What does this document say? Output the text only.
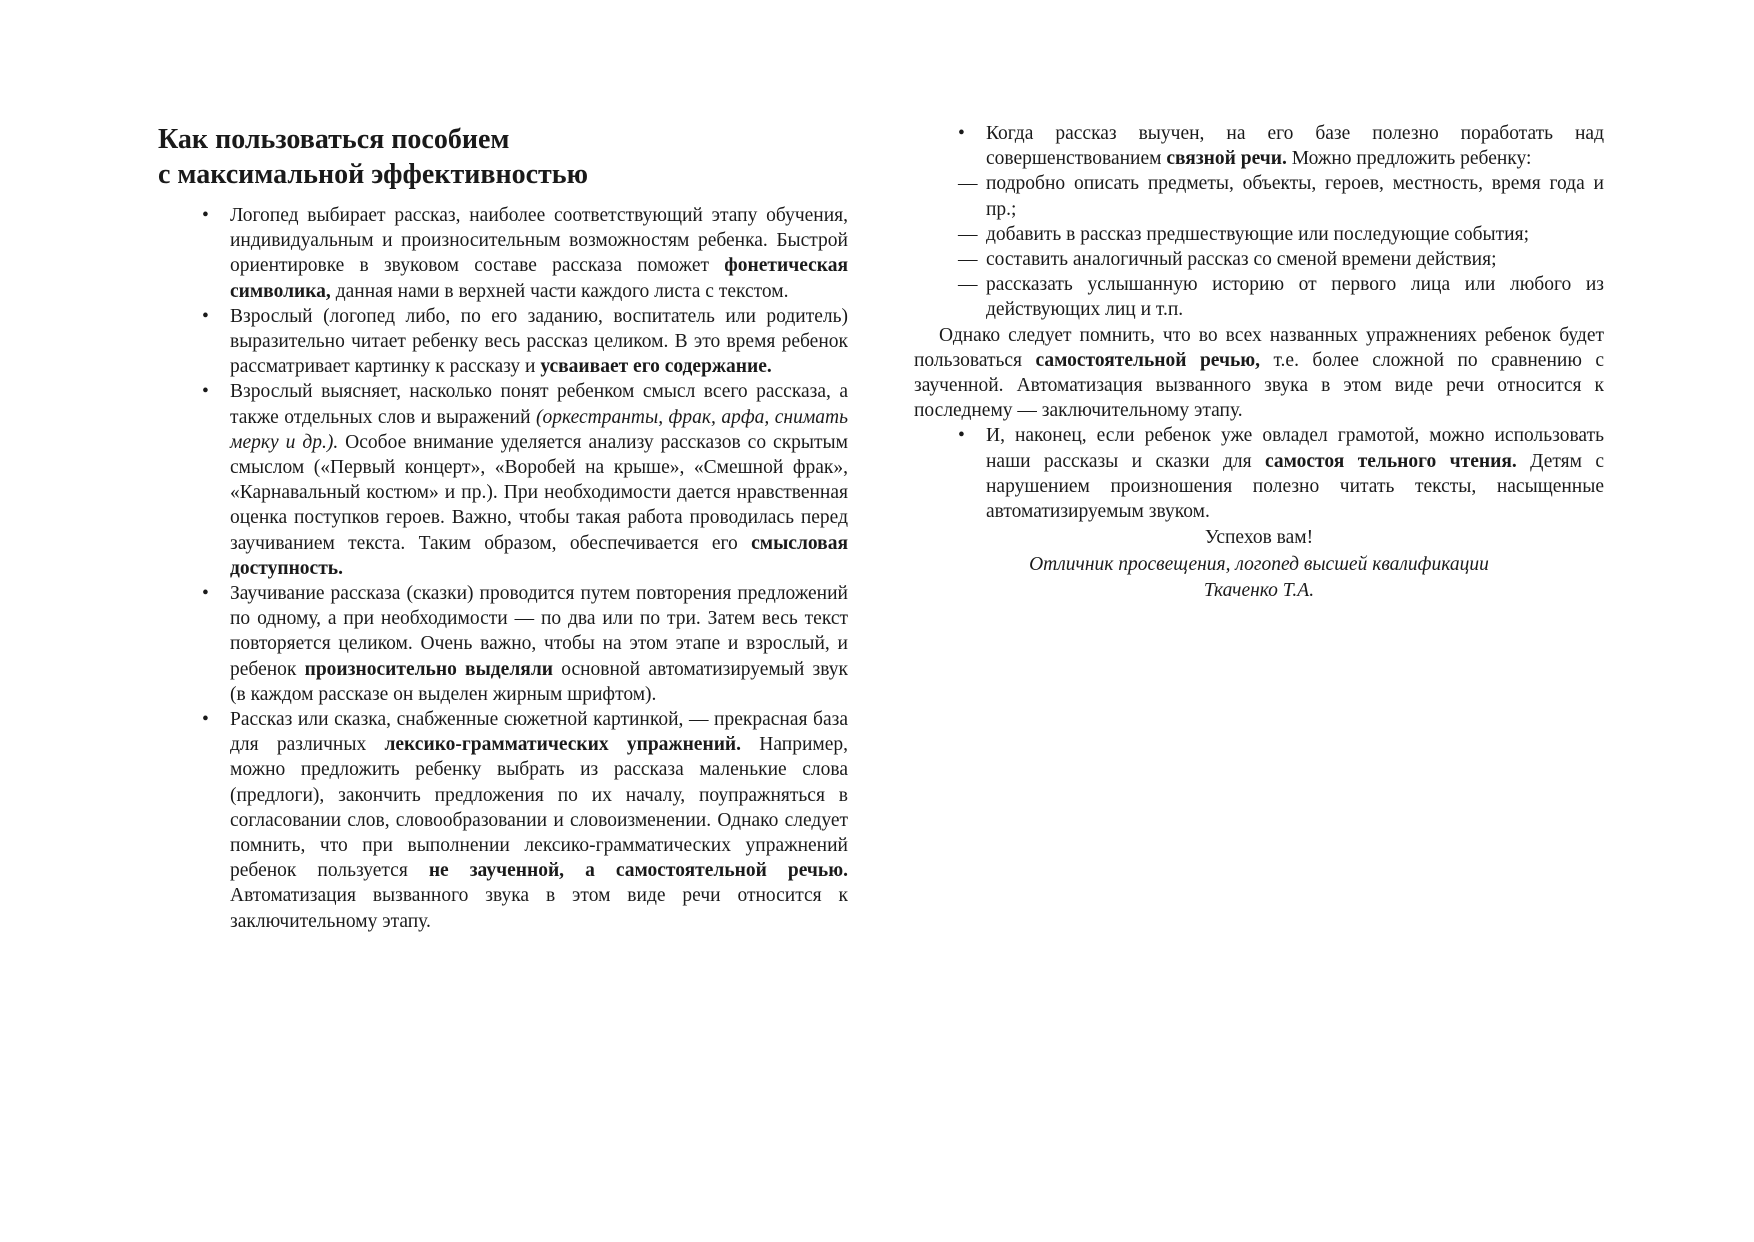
Как пользоваться пособием
с максимальной эффективностью
• Логопед выбирает рассказ, наиболее соответствующий этапу обучения, индивидуальным и произносительным возможностям ребенка. Быстрой ориентировке в звуковом составе рассказа поможет фонетическая символика, данная нами в верхней части каждого листа с текстом.
• Взрослый (логопед либо, по его заданию, воспитатель или родитель) выразительно читает ребенку весь рассказ целиком. В это время ребенок рассматривает картинку к рассказу и усваивает его содержание.
• Взрослый выясняет, насколько понят ребенком смысл всего рассказа, а также отдельных слов и выражений (оркестранты, фрак, арфа, снимать мерку и др.). Особое внимание уделяется анализу рассказов со скрытым смыслом («Первый концерт», «Воробей на крыше», «Смешной фрак», «Карнавальный костюм» и пр.). При необходимости дается нравственная оценка поступков героев. Важно, чтобы такая работа проводилась перед заучиванием текста. Таким образом, обеспечивается его смысловая доступность.
• Заучивание рассказа (сказки) проводится путем повторения предложений по одному, а при необходимости — по два или по три. Затем весь текст повторяется целиком. Очень важно, чтобы на этом этапе и взрослый, и ребенок произносительно выделяли основной автоматизируемый звук (в каждом рассказе он выделен жирным шрифтом).
• Рассказ или сказка, снабженные сюжетной картинкой, — прекрасная база для различных лексико-грамматических упражнений. Например, можно предложить ребенку выбрать из рассказа маленькие слова (предлоги), закончить предложения по их началу, поупражняться в согласовании слов, словообразовании и словоизменении. Однако следует помнить, что при выполнении лексико-грамматических упражнений ребенок пользуется не заученной, а самостоятельной речью. Автоматизация вызванного звука в этом виде речи относится к заключительному этапу.
• Когда рассказ выучен, на его базе полезно поработать над совершенствованием связной речи. Можно предложить ребенку:
— подробно описать предметы, объекты, героев, местность, время года и пр.;
— добавить в рассказ предшествующие или последующие события;
— составить аналогичный рассказ со сменой времени действия;
— рассказать услышанную историю от первого лица или любого из действующих лиц и т.п.

Однако следует помнить, что во всех названных упражнениях ребенок будет пользоваться самостоятельной речью, т.е. более сложной по сравнению с заученной. Автоматизация вызванного звука в этом виде речи относится к последнему — заключительному этапу.

• И, наконец, если ребенок уже овладел грамотой, можно использовать наши рассказы и сказки для самостоя тельного чтения. Детям с нарушением произношения полезно читать тексты, насыщенные автоматизируемым звуком.

Успехов вам!

Отличник просвещения, логопед высшей квалификации

Ткаченко Т.А.
